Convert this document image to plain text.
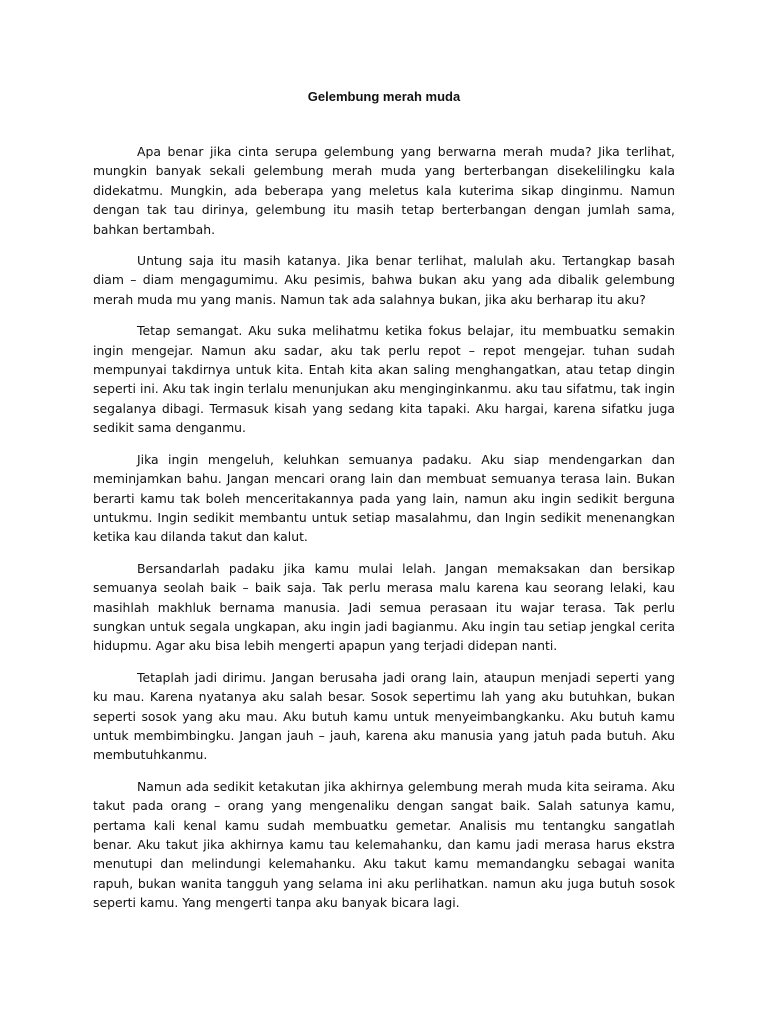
Gelembung merah muda

Apa benar jika cinta serupa gelembung yang berwarna merah muda? Jika terlihat, mungkin banyak sekali gelembung merah muda yang berterbangan disekelilingku kala didekatmu. Mungkin, ada beberapa yang meletus kala kuterima sikap dinginmu. Namun dengan tak tau dirinya, gelembung itu masih tetap berterbangan dengan jumlah sama, bahkan bertambah.

Untung saja itu masih katanya. Jika benar terlihat, malulah aku. Tertangkap basah diam – diam mengagumimu. Aku pesimis, bahwa bukan aku yang ada dibalik gelembung merah muda mu yang manis. Namun tak ada salahnya bukan, jika aku berharap itu aku?

Tetap semangat. Aku suka melihatmu ketika fokus belajar, itu membuatku semakin ingin mengejar. Namun aku sadar, aku tak perlu repot – repot mengejar. tuhan sudah mempunyai takdirnya untuk kita. Entah kita akan saling menghangatkan, atau tetap dingin seperti ini. Aku tak ingin terlalu menunjukan aku menginginkanmu. aku tau sifatmu, tak ingin segalanya dibagi. Termasuk kisah yang sedang kita tapaki. Aku hargai, karena sifatku juga sedikit sama denganmu.

Jika ingin mengeluh, keluhkan semuanya padaku. Aku siap mendengarkan dan meminjamkan bahu. Jangan mencari orang lain dan membuat semuanya terasa lain. Bukan berarti kamu tak boleh menceritakannya pada yang lain, namun aku ingin sedikit berguna untukmu. Ingin sedikit membantu untuk setiap masalahmu, dan Ingin sedikit menenangkan ketika kau dilanda takut dan kalut.

Bersandarlah padaku jika kamu mulai lelah. Jangan memaksakan dan bersikap semuanya seolah baik – baik saja. Tak perlu merasa malu karena kau seorang lelaki, kau masihlah makhluk bernama manusia. Jadi semua perasaan itu wajar terasa. Tak perlu sungkan untuk segala ungkapan, aku ingin jadi bagianmu. Aku ingin tau setiap jengkal cerita hidupmu. Agar aku bisa lebih mengerti apapun yang terjadi didepan nanti.

Tetaplah jadi dirimu. Jangan berusaha jadi orang lain, ataupun menjadi seperti yang ku mau. Karena nyatanya aku salah besar. Sosok sepertimu lah yang aku butuhkan, bukan seperti sosok yang aku mau. Aku butuh kamu untuk menyeimbangkanku. Aku butuh kamu untuk membimbingku. Jangan jauh – jauh, karena aku manusia yang jatuh pada butuh. Aku membutuhkanmu.

Namun ada sedikit ketakutan jika akhirnya gelembung merah muda kita seirama. Aku takut pada orang – orang yang mengenaliku dengan sangat baik. Salah satunya kamu, pertama kali kenal kamu sudah membuatku gemetar. Analisis mu tentangku sangatlah benar. Aku takut jika akhirnya kamu tau kelemahanku, dan kamu jadi merasa harus ekstra menutupi dan melindungi kelemahanku. Aku takut kamu memandangku sebagai wanita rapuh, bukan wanita tangguh yang selama ini aku perlihatkan. namun aku juga butuh sosok seperti kamu. Yang mengerti tanpa aku banyak bicara lagi.
